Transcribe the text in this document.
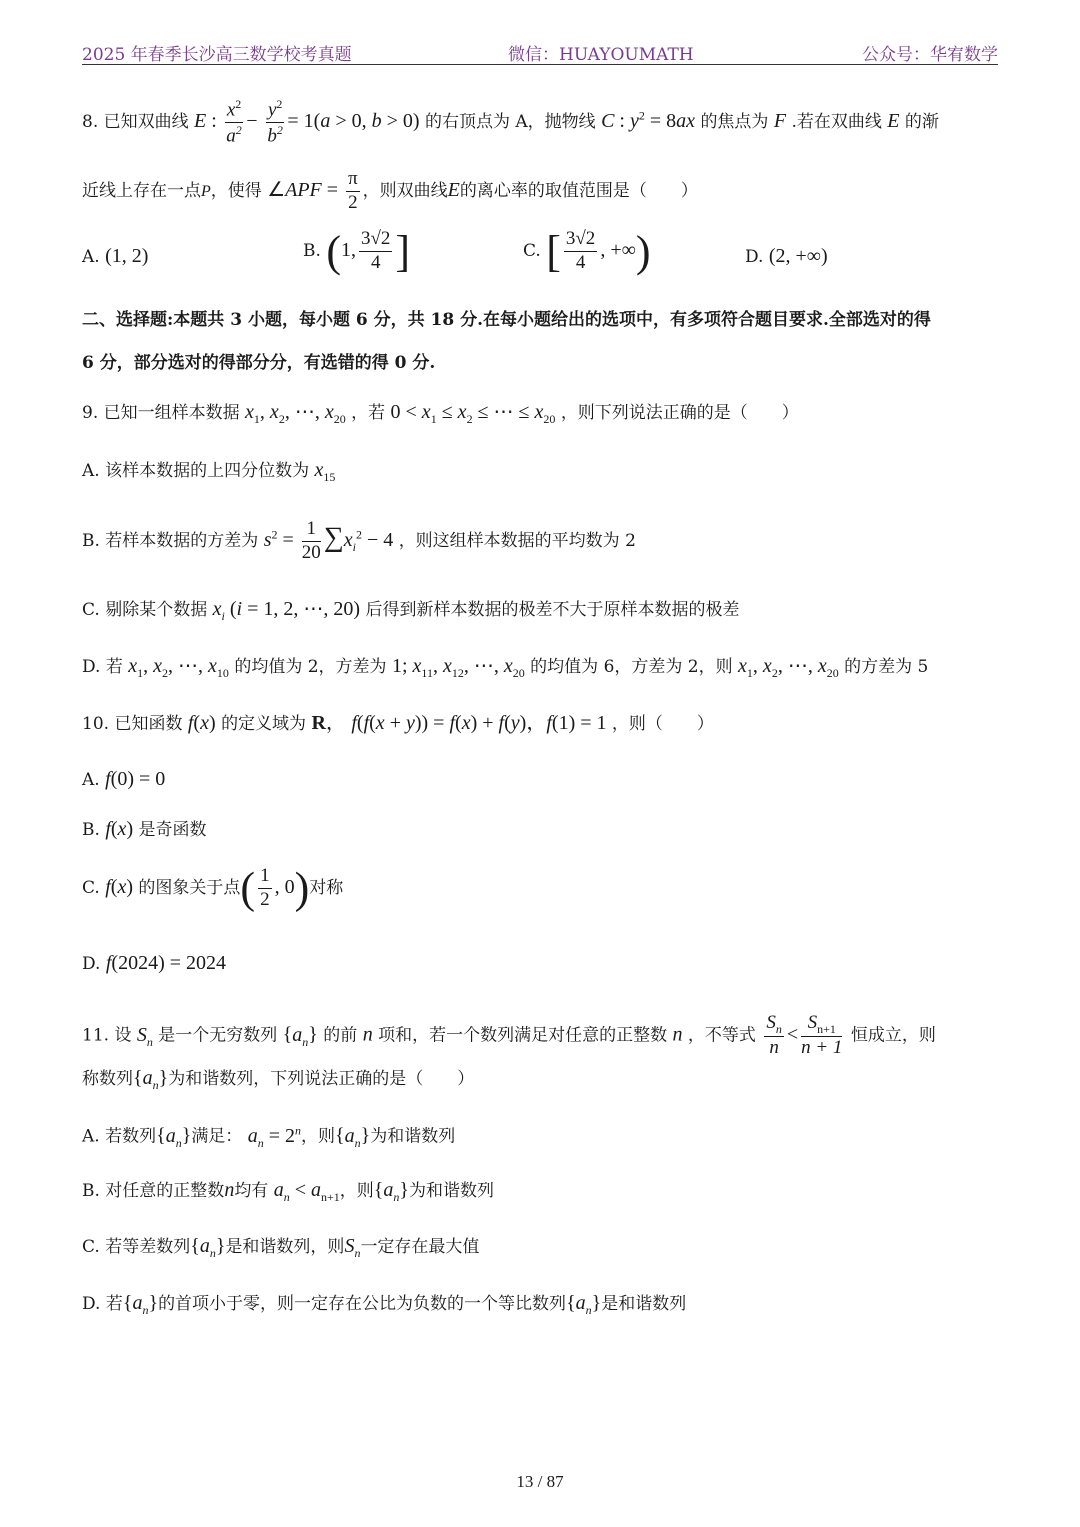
2025 年春季长沙高三数学校考真题	微信：HUAYOUMATH	公众号：华宥数学
8. 已知双曲线 E : $\frac{x^2}{a^2} - \frac{y^2}{b^2} = 1(a > 0$, b > 0) 的右顶点为 A，抛物线 C : $y^2 = 8ax$ 的焦点为 F .若在双曲线 E 的渐
近线上存在一点P，使得 ∠APF = $\frac{\pi}{2}$ ，则双曲线E的离心率的取值范围是（　　）
A. (1, 2)	B. (1, $\frac{3√2}{4}$ ]	C. [ $\frac{3√2}{4}$ , +∞)	D. (2, +∞)
二、选择题:本题共 3 小题，每小题 6 分，共 18 分.在每小题给出的选项中，有多项符合题目要求.全部选对的得
6 分，部分选对的得部分分，有选错的得 0 分.
9. 已知一组样本数据 $x_1$, $x_2$, ⋯, $x_{20}$ ，若 $0 < x_1 \le x_2$ ≤ ⋯ ≤ $x_{20}$ ，则下列说法正确的是（　　）
A. 该样本数据的上四分位数为 $x_{15}$
B. 若样本数据的方差为 $s^2 = \frac{1}{20} \sum x_i^2 - 4$ ，则这组样本数据的平均数为 2
C. 剔除某个数据 $x_i$ (i = 1, 2, ⋯, 20) 后得到新样本数据的极差不大于原样本数据的极差
D. 若 $x_1$, $x_2$, ⋯, $x_{10}$ 的均值为 2，方差为 1; $x_{11}$, $x_{12}$, ⋯, $x_{20}$ 的均值为 6，方差为 2，则 $x_1$, $x_2$, ⋯, $x_{20}$ 的方差为 5
10. 已知函数 f(x) 的定义域为 R， f(f(x + y)) = f(x) + f(y)，f(1) = 1 ，则（　　）
A. f(0) = 0
B. f(x) 是奇函数
C. f(x) 的图象关于点( $\frac{1}{2}$ , 0)对称
D. f(2024) = 2024
11. 设 $S_n$ 是一个无穷数列 $\{a_n\}$ 的前 n 项和，若一个数列满足对任意的正整数 n ，不等式 $\frac{S_n}{n} < \frac{S_{n+1}}{n + 1}$ 恒成立，则
称数列$\{a_n\}$为和谐数列，下列说法正确的是（　　）
A. 若数列$\{a_n\}$满足： $a_n = 2^n$，则$\{a_n\}$为和谐数列
B. 对任意的正整数n均有 $a_n < a_{n+1}$，则$\{a_n\}$为和谐数列
C. 若等差数列$\{a_n\}$是和谐数列，则$S_n$一定存在最大值
D. 若$\{a_n\}$的首项小于零，则一定存在公比为负数的一个等比数列$\{a_n\}$是和谐数列
13 / 87
